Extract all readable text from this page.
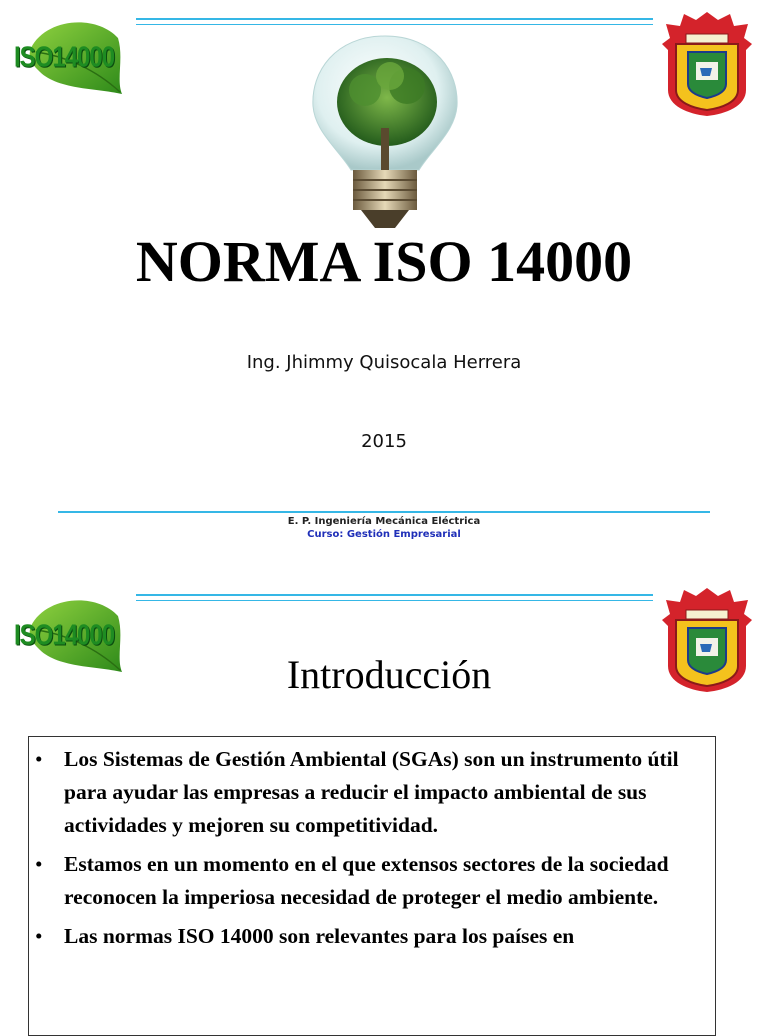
ISO14000
NORMA ISO 14000
Ing. Jhimmy Quisocala Herrera
2015
E. P. Ingeniería Mecánica Eléctrica
Curso: Gestión Empresarial
ISO14000
Introducción
• Los Sistemas de Gestión Ambiental (SGAs) son un instrumento útil para ayudar las empresas a reducir el impacto ambiental de sus actividades y mejoren su competitividad.
• Estamos en un momento en el que extensos sectores de la sociedad reconocen la imperiosa necesidad de proteger el medio ambiente.
• Las normas ISO 14000 son relevantes para los países en
